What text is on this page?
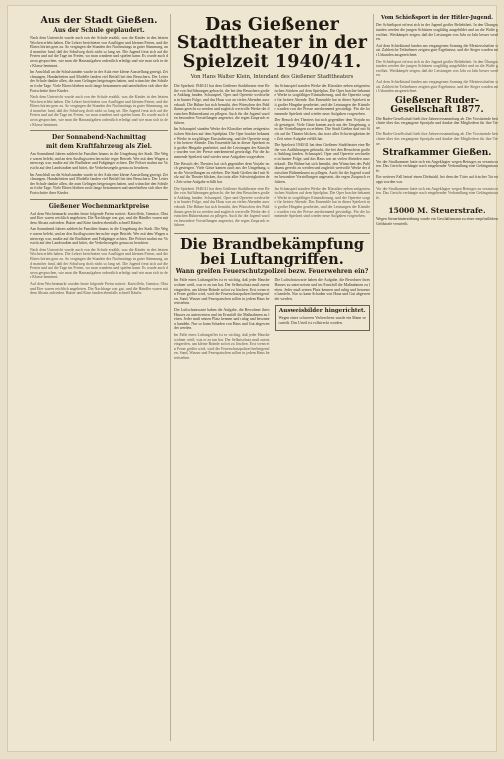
Aus der Stadt Gießen.
Aus der Schule geplaudert.

Nach dem Unterricht wurde auch von der Schule erzählt, was die Kinder in den letzten Wochen erlebt haben. Die Lehrer berichteten von Ausflügen und kleinen Feiern, und die Eltern hörten gern zu. So vergingen die Stunden des Nachmittags in guter Stimmung, und mancher fand, daß der Schulweg doch nicht so lang sei. Die Jugend freut sich auf die Ferien und auf die Tage im Freien, wo man wandern und spielen kann. Es wurde auch davon gesprochen, wie man die Hausaufgaben ordentlich erledigt und wie man sich in der Klasse benimmt.

Im Anschluß an die Schulstunden wurde in der Aula eine kleine Ausstellung gezeigt. Zeichnungen, Handarbeiten und Modelle fanden viel Beifall bei den Besuchern. Der Leiter der Schule dankte allen, die zum Gelingen beigetragen hatten, und wünschte den Schülern frohe Tage. Viele Eltern blieben noch lange beisammen und unterhielten sich über die Fortschritte ihrer Kinder.

Nach dem Unterricht wurde auch von der Schule erzählt, was die Kinder in den letzten Wochen erlebt haben. Die Lehrer berichteten von Ausflügen und kleinen Feiern, und die Eltern hörten gern zu. So vergingen die Stunden des Nachmittags in guter Stimmung, und mancher fand, daß der Schulweg doch nicht so lang sei. Die Jugend freut sich auf die Ferien und auf die Tage im Freien, wo man wandern und spielen kann. Es wurde auch davon gesprochen, wie man die Hausaufgaben ordentlich erledigt und wie man sich in der Klasse benimmt.

Der Sonnabend-Nachmittag
mit dem Kraftfahrzeug als Ziel.

Am Sonnabend fuhren zahlreiche Familien hinaus in die Umgebung der Stadt. Die Wege waren belebt, und an den Ausflugsorten herrschte reger Betrieb. Wer mit dem Wagen unterwegs war, mußte auf die Radfahrer und Fußgänger achten. Die Polizei mahnt zur Vorsicht auf den Landstraßen und bittet, die Verkehrsregeln genau zu beachten.

Im Anschluß an die Schulstunden wurde in der Aula eine kleine Ausstellung gezeigt. Zeichnungen, Handarbeiten und Modelle fanden viel Beifall bei den Besuchern. Der Leiter der Schule dankte allen, die zum Gelingen beigetragen hatten, und wünschte den Schülern frohe Tage. Viele Eltern blieben noch lange beisammen und unterhielten sich über die Fortschritte ihrer Kinder.

Gießener Wochenmarktpreise

Auf dem Wochenmarkt wurden heute folgende Preise notiert: Kartoffeln, Gemüse, Obst und Eier waren reichlich angeboten. Die Nachfrage war gut, und die Händler waren mit dem Absatz zufrieden. Butter und Käse fanden ebenfalls schnell Käufer.

Am Sonnabend fuhren zahlreiche Familien hinaus in die Umgebung der Stadt. Die Wege waren belebt, und an den Ausflugsorten herrschte reger Betrieb. Wer mit dem Wagen unterwegs war, mußte auf die Radfahrer und Fußgänger achten. Die Polizei mahnt zur Vorsicht auf den Landstraßen und bittet, die Verkehrsregeln genau zu beachten.

Nach dem Unterricht wurde auch von der Schule erzählt, was die Kinder in den letzten Wochen erlebt haben. Die Lehrer berichteten von Ausflügen und kleinen Feiern, und die Eltern hörten gern zu. So vergingen die Stunden des Nachmittags in guter Stimmung, und mancher fand, daß der Schulweg doch nicht so lang sei. Die Jugend freut sich auf die Ferien und auf die Tage im Freien, wo man wandern und spielen kann. Es wurde auch davon gesprochen, wie man die Hausaufgaben ordentlich erledigt und wie man sich in der Klasse benimmt.

Auf dem Wochenmarkt wurden heute folgende Preise notiert: Kartoffeln, Gemüse, Obst und Eier waren reichlich angeboten. Die Nachfrage war gut, und die Händler waren mit dem Absatz zufrieden. Butter und Käse fanden ebenfalls schnell Käufer.

Das Gießener Stadttheater in der Spielzeit 1940/41.
Von Hans Walter Klein, Intendant des Gießener Stadttheaters

Die Spielzeit 1940/41 hat dem Gießener Stadttheater eine Reihe von Aufführungen gebracht, die bei den Besuchern großen Anklang fanden. Schauspiel, Oper und Operette wechselten in bunter Folge, und das Haus war an vielen Abenden ausverkauft. Die Bühne hat sich bemüht, den Wünschen des Publikums gerecht zu werden und zugleich wertvolle Werke der deutschen Bühnenkunst zu pflegen. Auch für die Jugend wurden besondere Vorstellungen angesetzt, die regen Zuspruch erfuhren.

Im Schauspiel standen Werke der Klassiker neben zeitgenössischen Stücken auf dem Spielplan. Die Oper brachte bekannte Werke in sorgfältiger Einstudierung, und die Operette sorgte für heitere Abende. Das Ensemble hat in dieser Spielzeit mit großer Hingabe gearbeitet, und die Leistungen der Künstler wurden von der Presse anerkennend gewürdigt. Für die kommende Spielzeit sind wieder neue Aufgaben vorgesehen.

Der Besuch des Theaters hat sich gegenüber dem Vorjahr noch gesteigert. Viele Gäste kamen auch aus der Umgebung, um die Vorstellungen zu erleben. Die Stadt Gießen darf mit Stolz auf ihr Theater blicken, das trotz aller Schwierigkeiten der Zeit seine Aufgabe erfüllt hat.

Die Spielzeit 1940/41 hat dem Gießener Stadttheater eine Reihe von Aufführungen gebracht, die bei den Besuchern großen Anklang fanden. Schauspiel, Oper und Operette wechselten in bunter Folge, und das Haus war an vielen Abenden ausverkauft. Die Bühne hat sich bemüht, den Wünschen des Publikums gerecht zu werden und zugleich wertvolle Werke der deutschen Bühnenkunst zu pflegen. Auch für die Jugend wurden besondere Vorstellungen angesetzt, die regen Zuspruch erfuhren.

Im Schauspiel standen Werke der Klassiker neben zeitgenössischen Stücken auf dem Spielplan. Die Oper brachte bekannte Werke in sorgfältiger Einstudierung, und die Operette sorgte für heitere Abende. Das Ensemble hat in dieser Spielzeit mit großer Hingabe gearbeitet, und die Leistungen der Künstler wurden von der Presse anerkennend gewürdigt. Für die kommende Spielzeit sind wieder neue Aufgaben vorgesehen.

Der Besuch des Theaters hat sich gegenüber dem Vorjahr noch gesteigert. Viele Gäste kamen auch aus der Umgebung, um die Vorstellungen zu erleben. Die Stadt Gießen darf mit Stolz auf ihr Theater blicken, das trotz aller Schwierigkeiten der Zeit seine Aufgabe erfüllt hat.

Die Spielzeit 1940/41 hat dem Gießener Stadttheater eine Reihe von Aufführungen gebracht, die bei den Besuchern großen Anklang fanden. Schauspiel, Oper und Operette wechselten in bunter Folge, und das Haus war an vielen Abenden ausverkauft. Die Bühne hat sich bemüht, den Wünschen des Publikums gerecht zu werden und zugleich wertvolle Werke der deutschen Bühnenkunst zu pflegen. Auch für die Jugend wurden besondere Vorstellungen angesetzt, die regen Zuspruch erfuhren.

Im Schauspiel standen Werke der Klassiker neben zeitgenössischen Stücken auf dem Spielplan. Die Oper brachte bekannte Werke in sorgfältiger Einstudierung, und die Operette sorgte für heitere Abende. Das Ensemble hat in dieser Spielzeit mit großer Hingabe gearbeitet, und die Leistungen der Künstler wurden von der Presse anerkennend gewürdigt. Für die kommende Spielzeit sind wieder neue Aufgaben vorgesehen.

Die Brandbekämpfung bei Luftangriffen.
Wann greifen Feuerschutzpolizei bezw. Feuerwehren ein?

Im Falle eines Luftangriffes ist es wichtig, daß jeder Hausbewohner weiß, was er zu tun hat. Der Selbstschutz muß zuerst eingreifen, um kleine Brände sofort zu löschen. Erst wenn ein Feuer größer wird, wird die Feuerschutzpolizei herbeigerufen. Sand, Wasser und Feuerpatschen sollen in jedem Haus bereitstehen.

Die Luftschutzwarte haben die Aufgabe, die Bewohner ihres Hauses zu unterweisen und im Ernstfall die Maßnahmen zu leiten. Jeder muß seinen Platz kennen und ruhig und besonnen handeln. Nur so kann Schaden von Haus und Gut abgewendet werden.

Im Falle eines Luftangriffes ist es wichtig, daß jeder Hausbewohner weiß, was er zu tun hat. Der Selbstschutz muß zuerst eingreifen, um kleine Brände sofort zu löschen. Erst wenn ein Feuer größer wird, wird die Feuerschutzpolizei herbeigerufen. Sand, Wasser und Feuerpatschen sollen in jedem Haus bereitstehen.

Die Luftschutzwarte haben die Aufgabe, die Bewohner ihres Hauses zu unterweisen und im Ernstfall die Maßnahmen zu leiten. Jeder muß seinen Platz kennen und ruhig und besonnen handeln. Nur so kann Schaden von Haus und Gut abgewendet werden.

Ausweisbilder hingerichtet.

Wegen eines schweren Verbrechens wurde ein Mann verurteilt. Das Urteil ist vollstreckt worden.

Vom Schießsport in der Hitler-Jugend.

Der Schießsport erfreut sich in der Jugend großer Beliebtheit. In den Übungsstunden werden die jungen Schützen sorgfältig ausgebildet und an die Waffe gewöhnt. Wettkämpfe zeigen, daß die Leistungen von Jahr zu Jahr besser werden.

Auf dem Schießstand fanden am vergangenen Sonntag die Meisterschaften statt. Zahlreiche Teilnehmer zeigten gute Ergebnisse, und die Sieger wurden mit Urkunden ausgezeichnet.

Der Schießsport erfreut sich in der Jugend großer Beliebtheit. In den Übungsstunden werden die jungen Schützen sorgfältig ausgebildet und an die Waffe gewöhnt. Wettkämpfe zeigen, daß die Leistungen von Jahr zu Jahr besser werden.

Auf dem Schießstand fanden am vergangenen Sonntag die Meisterschaften statt. Zahlreiche Teilnehmer zeigten gute Ergebnisse, und die Sieger wurden mit Urkunden ausgezeichnet.

Gießener Ruder-Gesellschaft 1877.

Die Ruder-Gesellschaft hielt ihre Jahresversammlung ab. Der Vorsitzende berichtete über das vergangene Sportjahr und dankte den Mitgliedern für ihre Treue.

Die Ruder-Gesellschaft hielt ihre Jahresversammlung ab. Der Vorsitzende berichtete über das vergangene Sportjahr und dankte den Mitgliedern für ihre Treue.

Strafkammer Gießen.

Vor der Strafkammer hatte sich ein Angeklagter wegen Betruges zu verantworten. Das Gericht verhängte nach eingehender Verhandlung eine Gefängnisstrafe.

Ein weiterer Fall betraf einen Diebstahl, bei dem der Täter auf frischer Tat ertappt worden war.

Vor der Strafkammer hatte sich ein Angeklagter wegen Betruges zu verantworten. Das Gericht verhängte nach eingehender Verhandlung eine Gefängnisstrafe.

15000 M. Steuerstrafe.

Wegen Steuerhinterziehung wurde ein Geschäftsmann zu einer empfindlichen Geldstrafe verurteilt.
